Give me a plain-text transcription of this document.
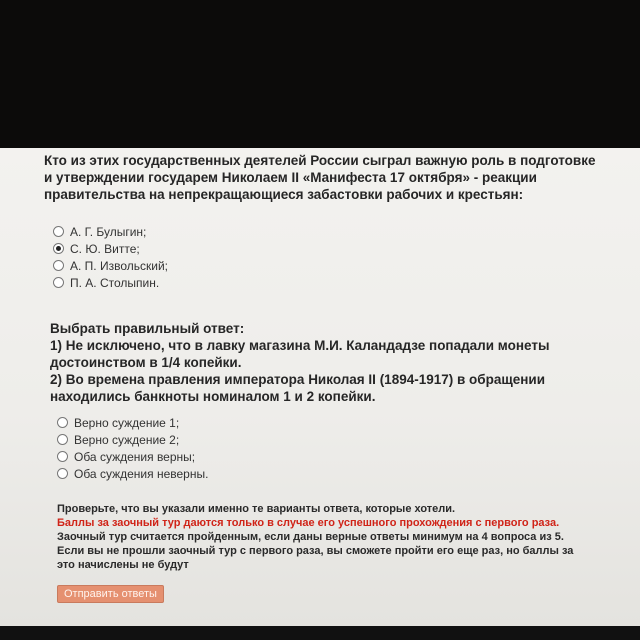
Кто из этих государственных деятелей России сыграл важную роль в подготовке
и утверждении государем Николаем II «Манифеста 17 октября» - реакции
правительства на непрекращающиеся забастовки рабочих и крестьян:
А. Г. Булыгин;
С. Ю. Витте;
А. П. Извольский;
П. А. Столыпин.
Выбрать правильный ответ:
1) Не исключено, что в лавку магазина М.И. Каландадзе попадали монеты
достоинством в 1/4 копейки.
2) Во времена правления императора Николая II (1894-1917) в обращении
находились банкноты номиналом 1 и 2 копейки.
Верно суждение 1;
Верно суждение 2;
Оба суждения верны;
Оба суждения неверны.
Проверьте, что вы указали именно те варианты ответа, которые хотели.
Баллы за заочный тур даются только в случае его успешного прохождения с первого раза.
Заочный тур считается пройденным, если даны верные ответы минимум на 4 вопроса из 5.
Если вы не прошли заочный тур с первого раза, вы сможете пройти его еще раз, но баллы за
это начислены не будут
Отправить ответы
